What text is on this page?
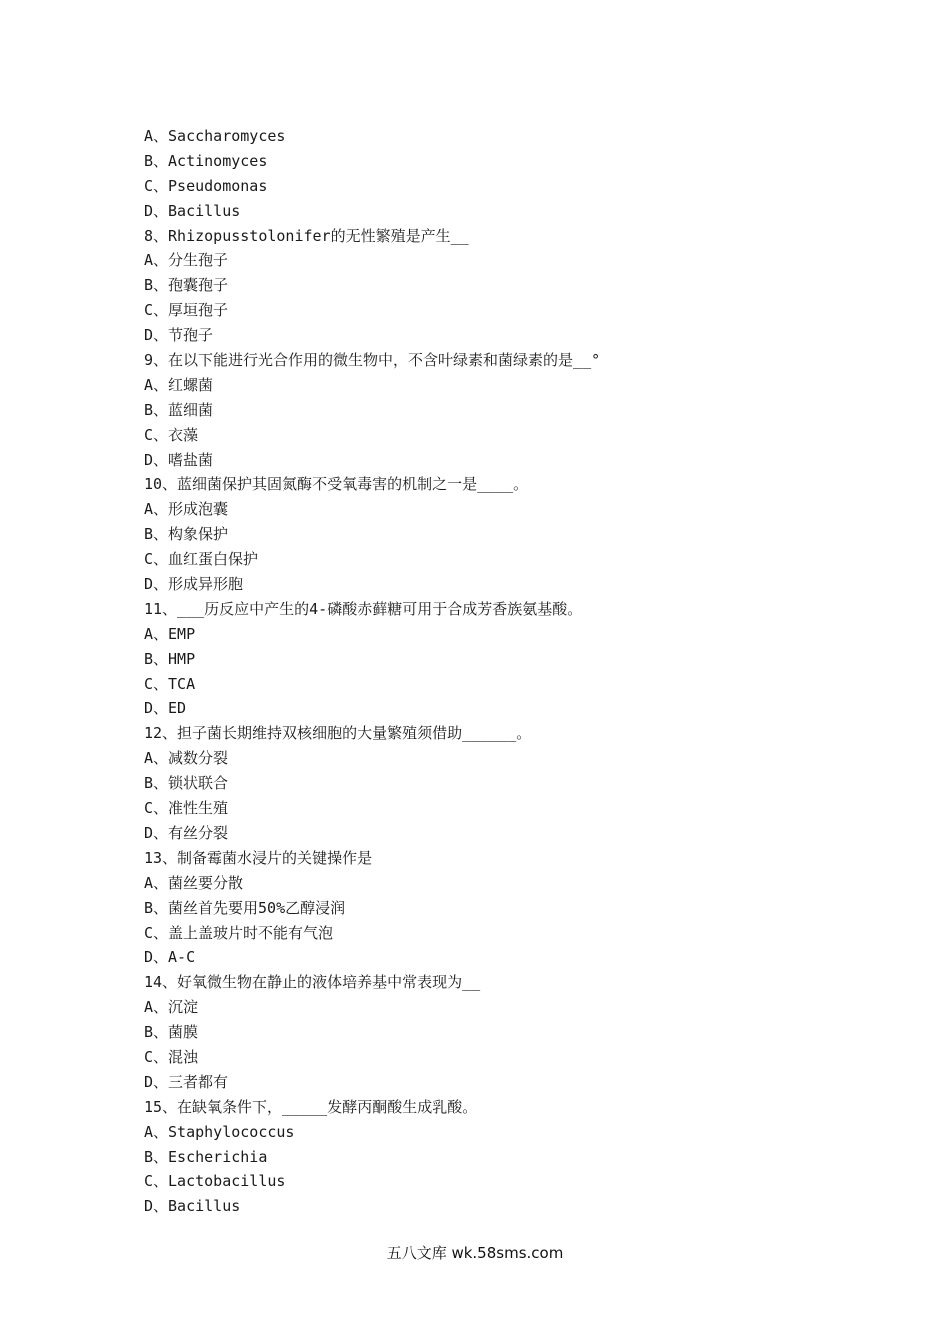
A、Saccharomyces
B、Actinomyces
C、Pseudomonas
D、Bacillus
8、Rhizopusstolonifer的无性繁殖是产生__
A、分生孢子
B、孢囊孢子
C、厚垣孢子
D、节孢子
9、在以下能进行光合作用的微生物中，不含叶绿素和菌绿素的是__°
A、红螺菌
B、蓝细菌
C、衣藻
D、嗜盐菌
10、蓝细菌保护其固氮酶不受氧毒害的机制之一是____。
A、形成泡囊
B、构象保护
C、血红蛋白保护
D、形成异形胞
11、___历反应中产生的4-磷酸赤藓糖可用于合成芳香族氨基酸。
A、EMP
B、HMP
C、TCA
D、ED
12、担子菌长期维持双核细胞的大量繁殖须借助______。
A、减数分裂
B、锁状联合
C、准性生殖
D、有丝分裂
13、制备霉菌水浸片的关键操作是
A、菌丝要分散
B、菌丝首先要用50%乙醇浸润
C、盖上盖玻片时不能有气泡
D、A-C
14、好氧微生物在静止的液体培养基中常表现为__
A、沉淀
B、菌膜
C、混浊
D、三者都有
15、在缺氧条件下，_____发酵丙酮酸生成乳酸。
A、Staphylococcus
B、Escherichia
C、Lactobacillus
D、Bacillus
五八文库 wk.58sms.com
